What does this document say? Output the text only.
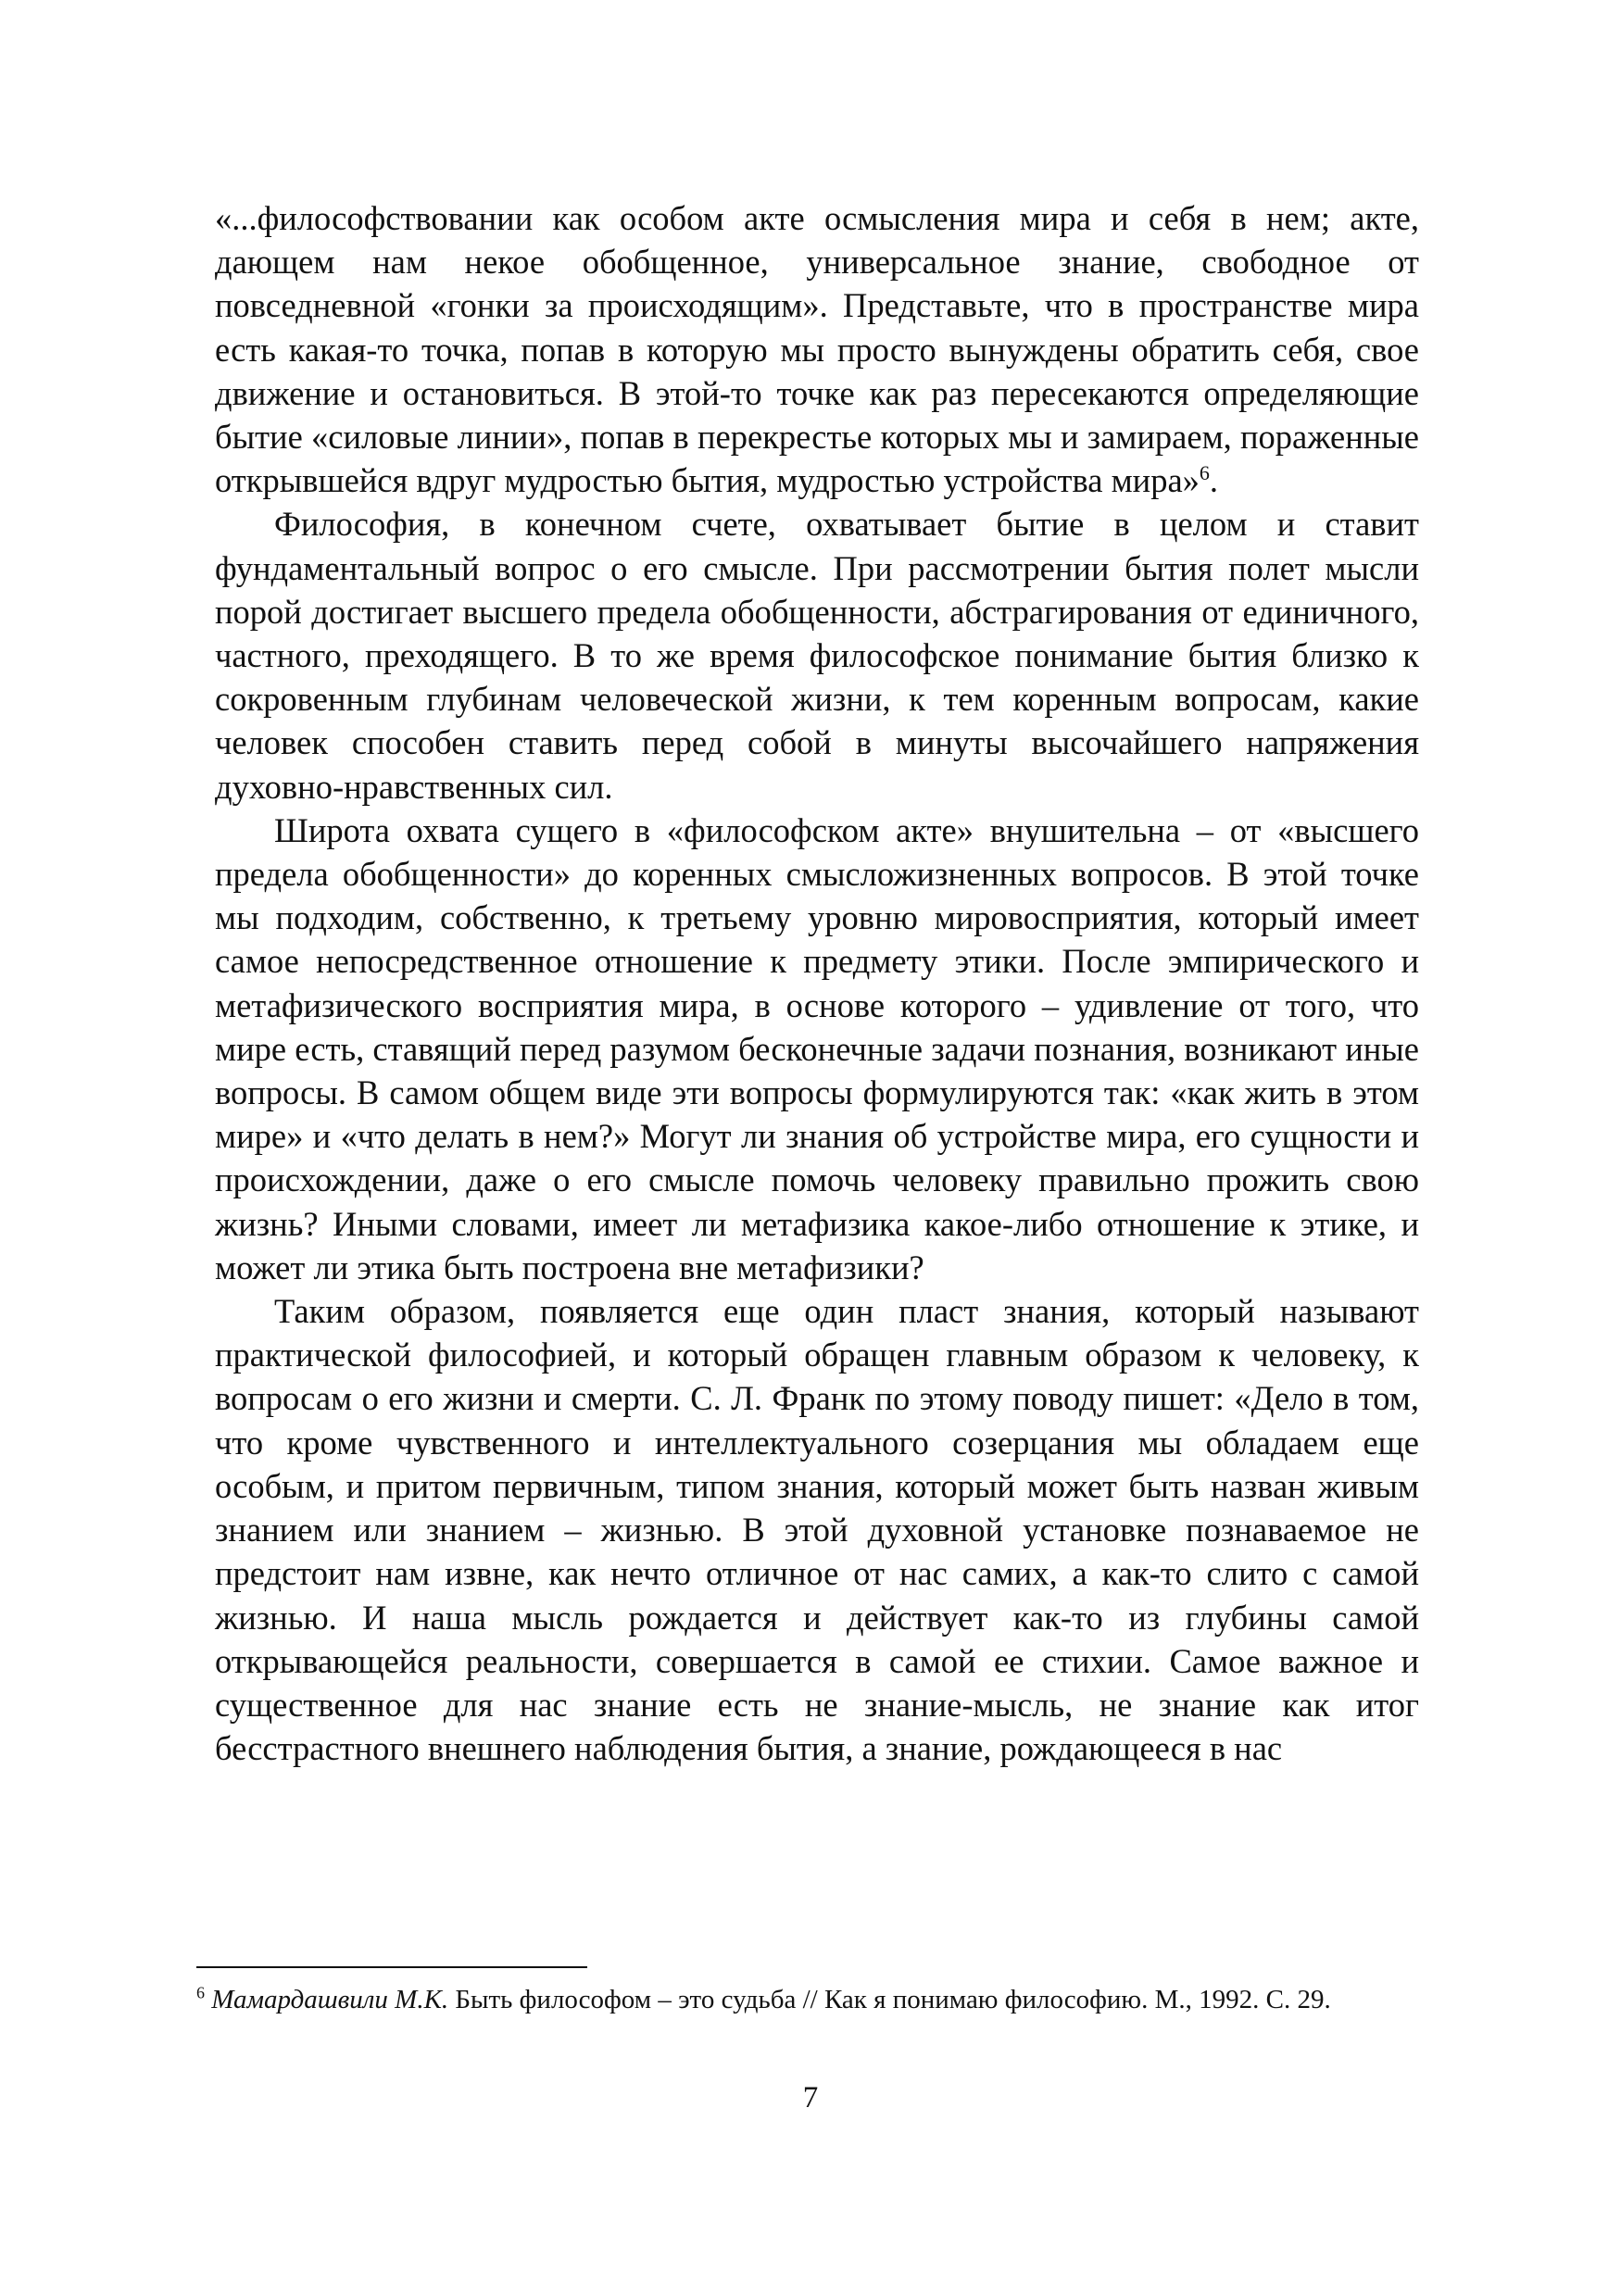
«...философствовании как особом акте осмысления мира и себя в нем; акте, дающем нам некое обобщенное, универсальное знание, свободное от повседневной «гонки за происходящим». Представьте, что в пространстве мира есть какая-то точка, попав в которую мы просто вынуждены обратить себя, свое движение и остановиться. В этой-то точке как раз пересекаются определяющие бытие «силовые линии», попав в перекрестье которых мы и замираем, пораженные открывшейся вдруг мудростью бытия, мудростью устройства мира»$^6$.

Философия, в конечном счете, охватывает бытие в целом и ставит фундаментальный вопрос о его смысле. При рассмотрении бытия полет мысли порой достигает высшего предела обобщенности, абстрагирования от единичного, частного, преходящего. В то же время философское понимание бытия близко к сокровенным глубинам человеческой жизни, к тем коренным вопросам, какие человек способен ставить перед собой в минуты высочайшего напряжения духовно-нравственных сил.

Широта охвата сущего в «философском акте» внушительна – от «высшего предела обобщенности» до коренных смысложизненных вопросов. В этой точке мы подходим, собственно, к третьему уровню мировосприятия, который имеет самое непосредственное отношение к предмету этики. После эмпирического и метафизического восприятия мира, в основе которого – удивление от того, что мире есть, ставящий перед разумом бесконечные задачи познания, возникают иные вопросы. В самом общем виде эти вопросы формулируются так: «как жить в этом мире» и «что делать в нем?» Могут ли знания об устройстве мира, его сущности и происхождении, даже о его смысле помочь человеку правильно прожить свою жизнь? Иными словами, имеет ли метафизика какое-либо отношение к этике, и может ли этика быть построена вне метафизики?

Таким образом, появляется еще один пласт знания, который называют практической философией, и который обращен главным образом к человеку, к вопросам о его жизни и смерти. С. Л. Франк по этому поводу пишет: «Дело в том, что кроме чувственного и интеллектуального созерцания мы обладаем еще особым, и притом первичным, типом знания, который может быть назван живым знанием или знанием – жизнью. В этой духовной установке познаваемое не предстоит нам извне, как нечто отличное от нас самих, а как-то слито с самой жизнью. И наша мысль рождается и действует как-то из глубины самой открывающейся реальности, совершается в самой ее стихии. Самое важное и существенное для нас знание есть не знание-мысль, не знание как итог бесстрастного внешнего наблюдения бытия, а знание, рождающееся в нас

$^6$ Мамардашвили М.К. Быть философом – это судьба // Как я понимаю философию. М., 1992. С. 29.
7
